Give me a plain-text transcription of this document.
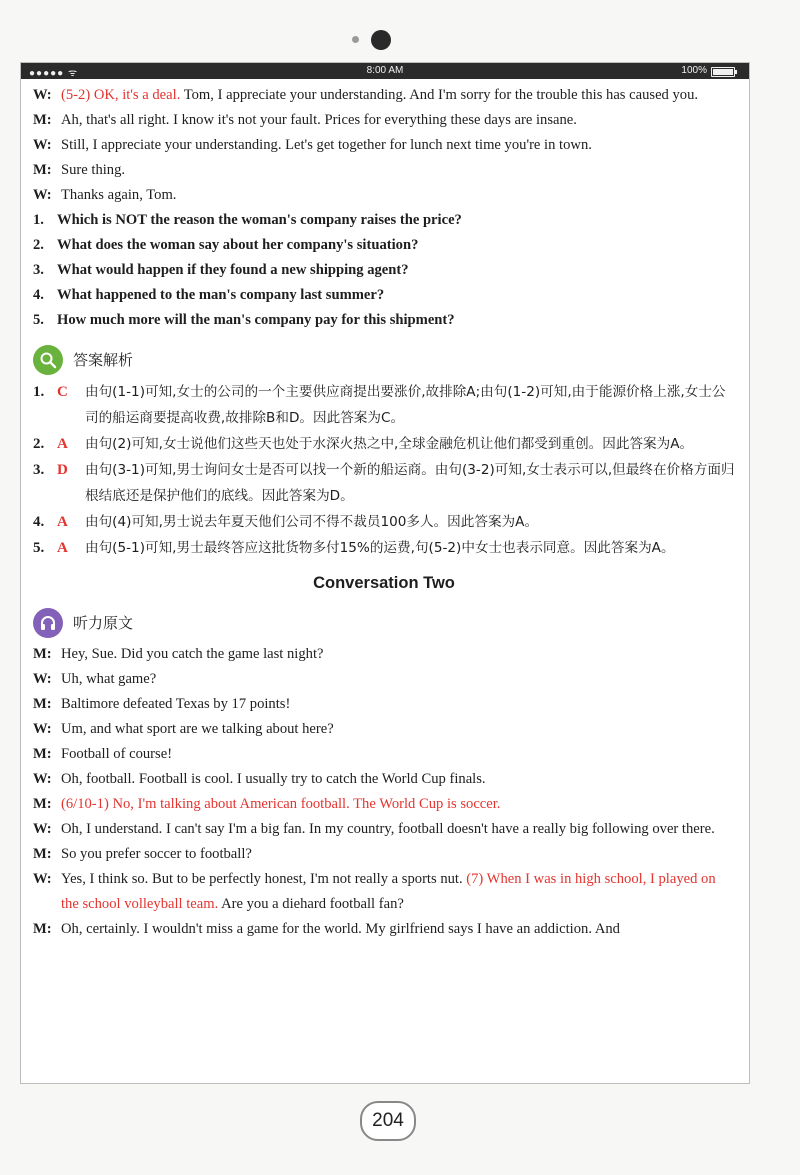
●●●●● ᯤ	8:00 AM	100%
W: (5-2) OK, it's a deal. Tom, I appreciate your understanding. And I'm sorry for the trouble this has caused you.
M: Ah, that's all right. I know it's not your fault. Prices for everything these days are insane.
W: Still, I appreciate your understanding. Let's get together for lunch next time you're in town.
M: Sure thing.
W: Thanks again, Tom.
1. Which is NOT the reason the woman's company raises the price?
2. What does the woman say about her company's situation?
3. What would happen if they found a new shipping agent?
4. What happened to the man's company last summer?
5. How much more will the man's company pay for this shipment?
答案解析
1. C 由句(1-1)可知,女士的公司的一个主要供应商提出要涨价,故排除A;由句(1-2)可知,由于能源价格上涨,女士公司的船运商要提高收费,故排除B和D。因此答案为C。
2. A 由句(2)可知,女士说他们这些天也处于水深火热之中,全球金融危机让他们都受到重创。因此答案为A。
3. D 由句(3-1)可知,男士询问女士是否可以找一个新的船运商。由句(3-2)可知,女士表示可以,但最终在价格方面归根结底还是保护他们的底线。因此答案为D。
4. A 由句(4)可知,男士说去年夏天他们公司不得不裁员100多人。因此答案为A。
5. A 由句(5-1)可知,男士最终答应这批货物多付15%的运费,句(5-2)中女士也表示同意。因此答案为A。
Conversation Two
听力原文
M: Hey, Sue. Did you catch the game last night?
W: Uh, what game?
M: Baltimore defeated Texas by 17 points!
W: Um, and what sport are we talking about here?
M: Football of course!
W: Oh, football. Football is cool. I usually try to catch the World Cup finals.
M: (6/10-1) No, I'm talking about American football. The World Cup is soccer.
W: Oh, I understand. I can't say I'm a big fan. In my country, football doesn't have a really big following over there.
M: So you prefer soccer to football?
W: Yes, I think so. But to be perfectly honest, I'm not really a sports nut. (7) When I was in high school, I played on the school volleyball team. Are you a diehard football fan?
M: Oh, certainly. I wouldn't miss a game for the world. My girlfriend says I have an addiction. And
204
